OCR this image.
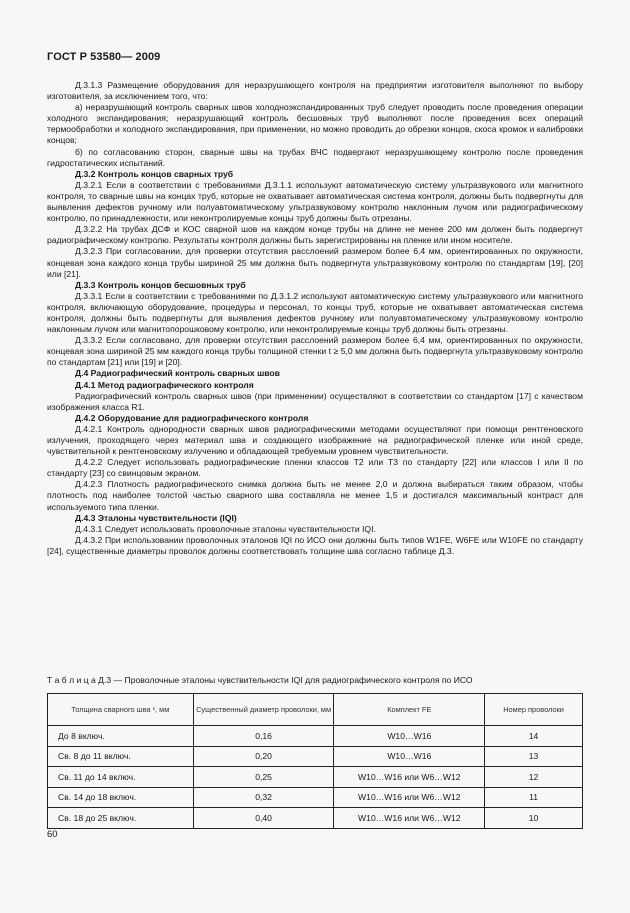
ГОСТ Р 53580— 2009

Д.3.1.3 Размещение оборудования для неразрушающего контроля на предприятии изготовителя выполняют по выбору изготовителя, за исключением того, что:

а) неразрушающий контроль сварных швов холодноэкспандированных труб следует проводить после проведения операции холодного экспандирования; неразрушающий контроль бесшовных труб выполняют после проведения всех операций термообработки и холодного экспандирования, при применении, но можно проводить до обрезки концов, скоса кромок и калибровки концов;

б) по согласованию сторон, сварные швы на трубах ВЧС подвергают неразрушающему контролю после проведения гидростатических испытаний.

Д.3.2 Контроль концов сварных труб

Д.3.2.1 Если в соответствии с требованиями Д.3.1.1 используют автоматическую систему ультразвукового или магнитного контроля, то сварные швы на концах труб, которые не охватывает автоматическая система контроля, должны быть подвергнуты для выявления дефектов ручному или полуавтоматическому ультразвуковому контролю наклонным лучом или радиографическому контролю, по принадлежности, или неконтролируемые концы труб должны быть отрезаны.

Д.3.2.2 На трубах ДСФ и КОС сварной шов на каждом конце трубы на длине не менее 200 мм должен быть подвергнут радиографическому контролю. Результаты контроля должны быть зарегистрированы на пленке или ином носителе.

Д.3.2.3 При согласовании, для проверки отсутствия расслоений размером более 6,4 мм, ориентированных по окружности, концевая зона каждого конца трубы шириной 25 мм должна быть подвергнута ультразвуковому контролю по стандартам [19], [20] или [21].

Д.3.3 Контроль концов бесшовных труб

Д.3.3.1 Если в соответствии с требованиями по Д.3.1.2 используют автоматическую систему ультразвукового или магнитного контроля, включающую оборудование, процедуры и персонал, то концы труб, которые не охватывает автоматическая система контроля, должны быть подвергнуты для выявления дефектов ручному или полуавтоматическому ультразвуковому контролю наклонным лучом или магнитопорошковому контролю, или неконтролируемые концы труб должны быть отрезаны.

Д.3.3.2 Если согласовано, для проверки отсутствия расслоений размером более 6,4 мм, ориентированных по окружности, концевая зона шириной 25 мм каждого конца трубы толщиной стенки t ≥ 5,0 мм должна быть подвергнута ультразвуковому контролю по стандартам [21] или [19] и [20].

Д.4 Радиографический контроль сварных швов

Д.4.1 Метод радиографического контроля

Радиографический контроль сварных швов (при применении) осуществляют в соответствии со стандартом [17] с качеством изображения класса R1.

Д.4.2 Оборудование для радиографического контроля

Д.4.2.1 Контроль однородности сварных швов радиографическими методами осуществляют при помощи рентгеновского излучения, проходящего через материал шва и создающего изображение на радиографической пленке или иной среде, чувствительной к рентгеновскому излучению и обладающей требуемым уровнем чувствительности.

Д.4.2.2 Следует использовать радиографические пленки классов Т2 или Т3 по стандарту [22] или классов I или II по стандарту [23] со свинцовым экраном.

Д.4.2.3 Плотность радиографического снимка должна быть не менее 2,0 и должна выбираться таким образом, чтобы плотность под наиболее толстой частью сварного шва составляла не менее 1,5 и достигался максимальный контраст для используемого типа пленки.

Д.4.3 Эталоны чувствительности (IQI)

Д.4.3.1 Следует использовать проволочные эталоны чувствительности IQI.

Д.4.3.2 При использовании проволочных эталонов IQI по ИСО они должны быть типов W1FE, W6FE или W10FE по стандарту [24], существенные диаметры проволок должны соответствовать толщине шва согласно таблице Д.3.

Т а б л и ц а Д.3 — Проволочные эталоны чувствительности IQI для радиографического контроля по ИСО
Толщина сварного шва ¹, мм	Существенный диаметр проволоки, мм	Комплект FE	Номер проволоки
До 8 включ.	0,16	W10…W16	14
Св. 8 до 11 включ.	0,20	W10…W16	13
Св. 11 до 14 включ.	0,25	W10…W16 или W6…W12	12
Св. 14 до 18 включ.	0,32	W10…W16 или W6…W12	11
Св. 18 до 25 включ.	0,40	W10…W16 или W6…W12	10
60
